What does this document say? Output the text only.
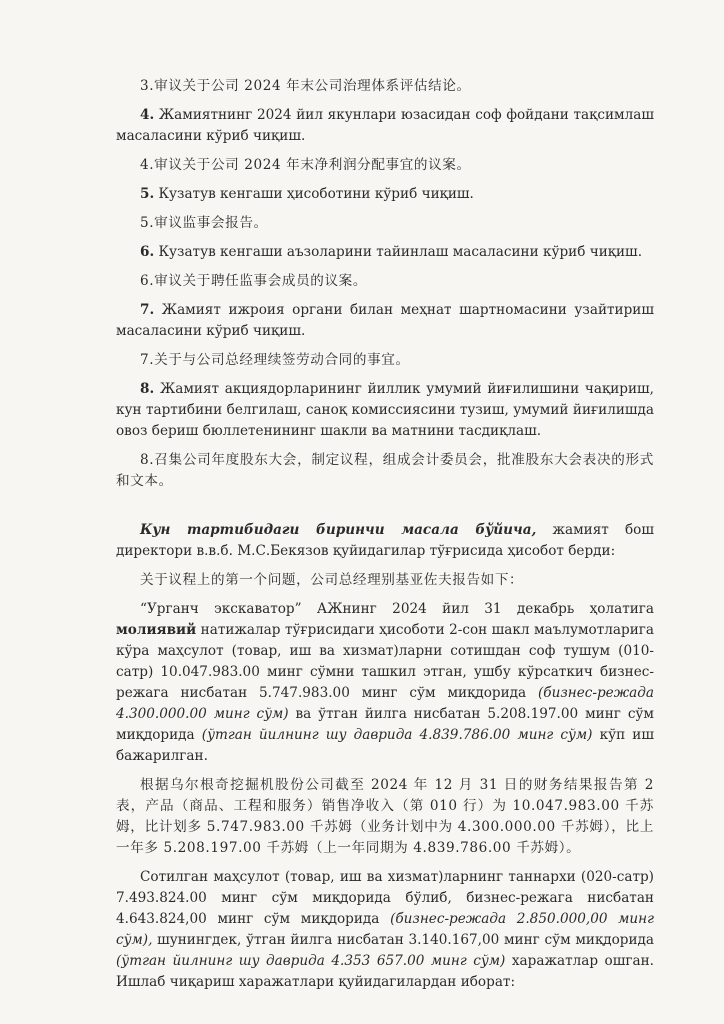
3.审议关于公司 2024 年末公司治理体系评估结论。

4. Жамиятнинг 2024 йил якунлари юзасидан соф фойдани тақсимлаш масаласини кўриб чиқиш.

4.审议关于公司 2024 年末净利润分配事宜的议案。

5. Кузатув кенгаши ҳисоботини кўриб чиқиш.

5.审议监事会报告。

6. Кузатув кенгаши аъзоларини тайинлаш масаласини кўриб чиқиш.

6.审议关于聘任监事会成员的议案。

7. Жамият ижроия органи билан меҳнат шартномасини узайтириш масаласини кўриб чиқиш.

7.关于与公司总经理续签劳动合同的事宜。

8. Жамият акциядорларининг йиллик умумий йиғилишини чақириш, кун тартибини белгилаш, саноқ комиссиясини тузиш, умумий йиғилишда овоз бериш бюллетенининг шакли ва матнини тасдиқлаш.

8.召集公司年度股东大会，制定议程，组成会计委员会，批准股东大会表决的形式和文本。

Кун тартибидаги биринчи масала бўйича, жамият бош директори в.в.б. М.С.Бекязов қуйидагилар тўғрисида ҳисобот берди:

关于议程上的第一个问题，公司总经理别基亚佐夫报告如下：

“Урганч экскаватор” АЖнинг 2024 йил 31 декабрь ҳолатига молиявий натижалар тўғрисидаги ҳисоботи 2-сон шакл маълумотларига кўра маҳсулот (товар, иш ва хизмат)ларни сотишдан соф тушум (010-сатр) 10.047.983.00 минг сўмни ташкил этган, ушбу кўрсаткич бизнес-режага нисбатан 5.747.983.00 минг сўм миқдорида (бизнес-режада 4.300.000.00 минг сўм) ва ўтган йилга нисбатан 5.208.197.00 минг сўм миқдорида (ўтган йилнинг шу даврида 4.839.786.00 минг сўм) кўп иш бажарилган.

根据乌尔根奇挖掘机股份公司截至 2024 年 12 月 31 日的财务结果报告第 2 表，产品（商品、工程和服务）销售净收入（第 010 行）为 10.047.983.00 千苏姆，比计划多 5.747.983.00 千苏姆（业务计划中为 4.300.000.00 千苏姆），比上一年多 5.208.197.00 千苏姆（上一年同期为 4.839.786.00 千苏姆）。

Сотилган маҳсулот (товар, иш ва хизмат)ларнинг таннархи (020-сатр) 7.493.824.00 минг сўм миқдорида бўлиб, бизнес-режага нисбатан 4.643.824,00 минг сўм миқдорида (бизнес-режада 2.850.000,00 минг сўм), шунингдек, ўтган йилга нисбатан 3.140.167,00 минг сўм миқдорида (ўтган йилнинг шу даврида 4.353 657.00 минг сўм) харажатлар ошган. Ишлаб чиқариш харажатлари қуйидагилардан иборат:
